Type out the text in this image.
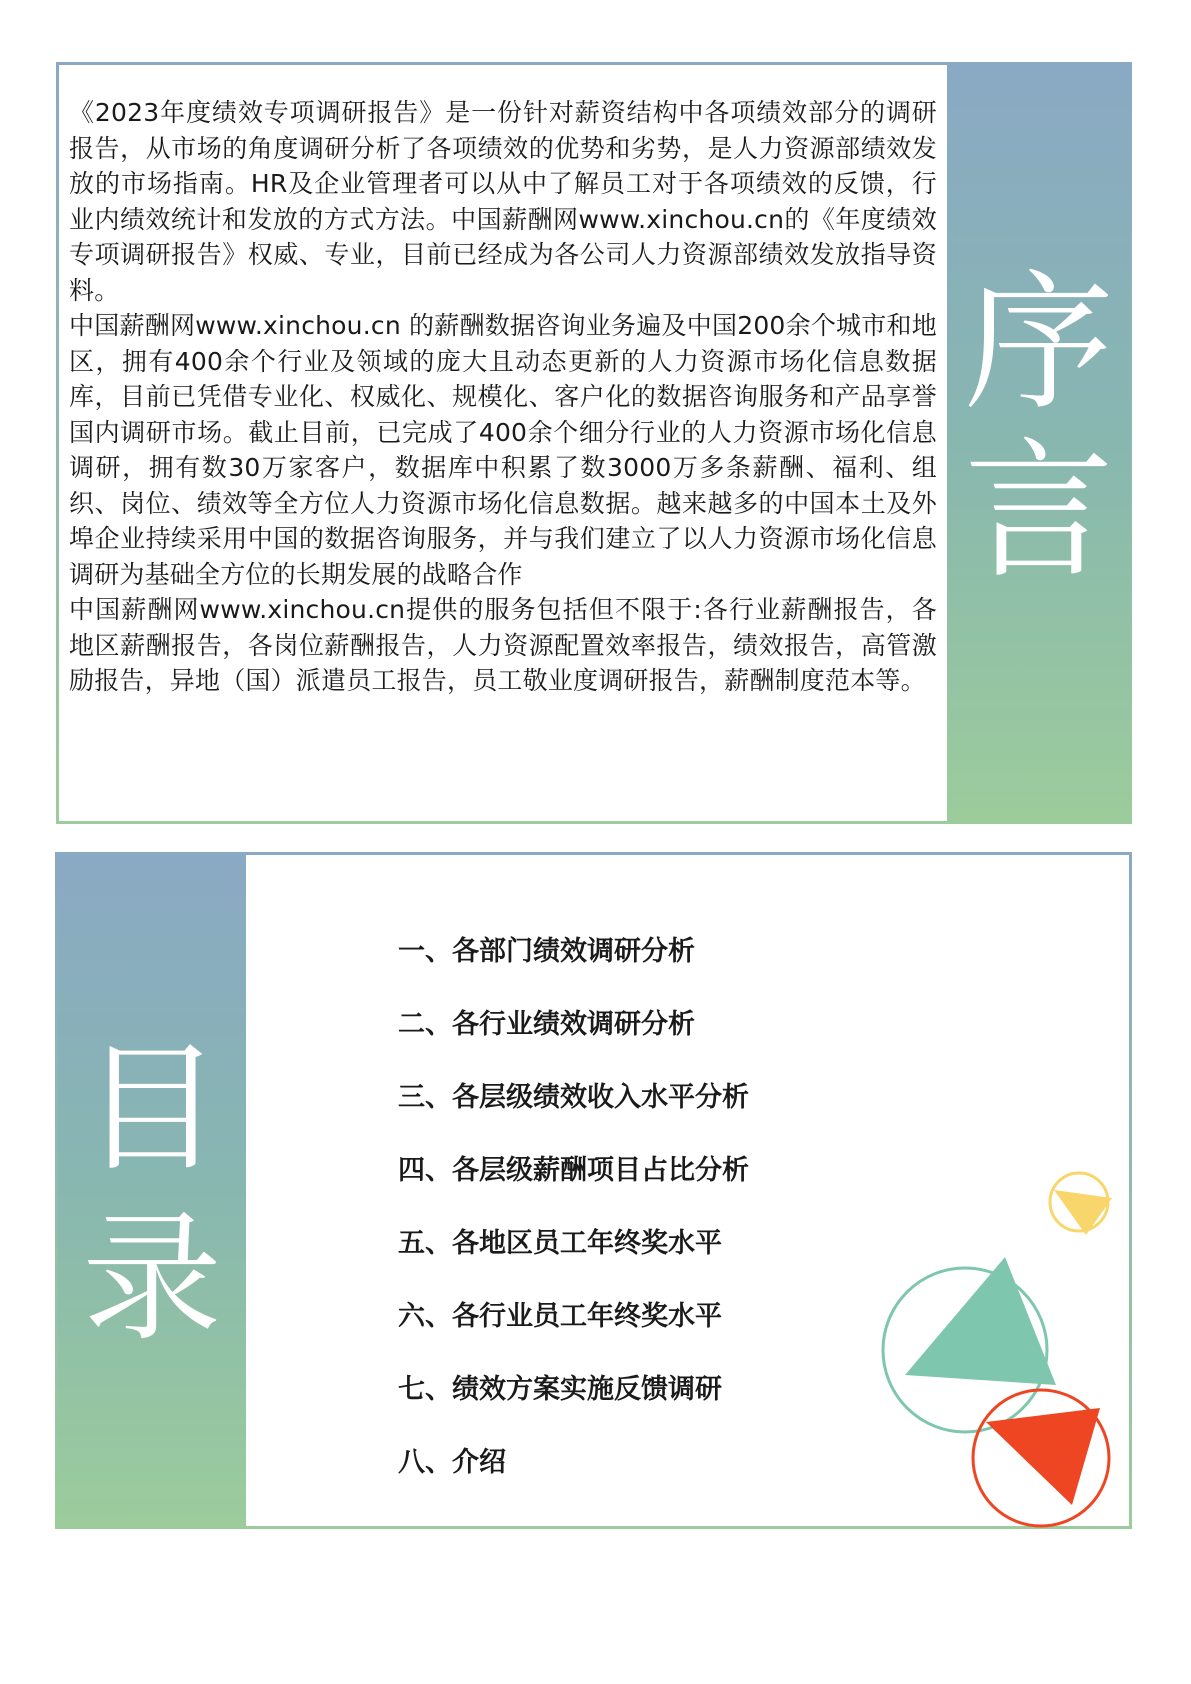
《2023年度绩效专项调研报告》是一份针对薪资结构中各项绩效部分的调研报告，从市场的角度调研分析了各项绩效的优势和劣势，是人力资源部绩效发放的市场指南。HR及企业管理者可以从中了解员工对于各项绩效的反馈，行业内绩效统计和发放的方式方法。中国薪酬网www.xinchou.cn的《年度绩效专项调研报告》权威、专业，目前已经成为各公司人力资源部绩效发放指导资料。

中国薪酬网www.xinchou.cn 的薪酬数据咨询业务遍及中国200余个城市和地区，拥有400余个行业及领域的庞大且动态更新的人力资源市场化信息数据库，目前已凭借专业化、权威化、规模化、客户化的数据咨询服务和产品享誉国内调研市场。截止目前，已完成了400余个细分行业的人力资源市场化信息调研，拥有数30万家客户，数据库中积累了数3000万多条薪酬、福利、组织、岗位、绩效等全方位人力资源市场化信息数据。越来越多的中国本土及外埠企业持续采用中国的数据咨询服务，并与我们建立了以人力资源市场化信息调研为基础全方位的长期发展的战略合作

中国薪酬网www.xinchou.cn提供的服务包括但不限于:各行业薪酬报告，各地区薪酬报告，各岗位薪酬报告，人力资源配置效率报告，绩效报告，高管激励报告，异地（国）派遣员工报告，员工敬业度调研报告，薪酬制度范本等。

序
言
目
录
一、各部门绩效调研分析
二、各行业绩效调研分析
三、各层级绩效收入水平分析
四、各层级薪酬项目占比分析
五、各地区员工年终奖水平
六、各行业员工年终奖水平
七、绩效方案实施反馈调研
八、介绍
